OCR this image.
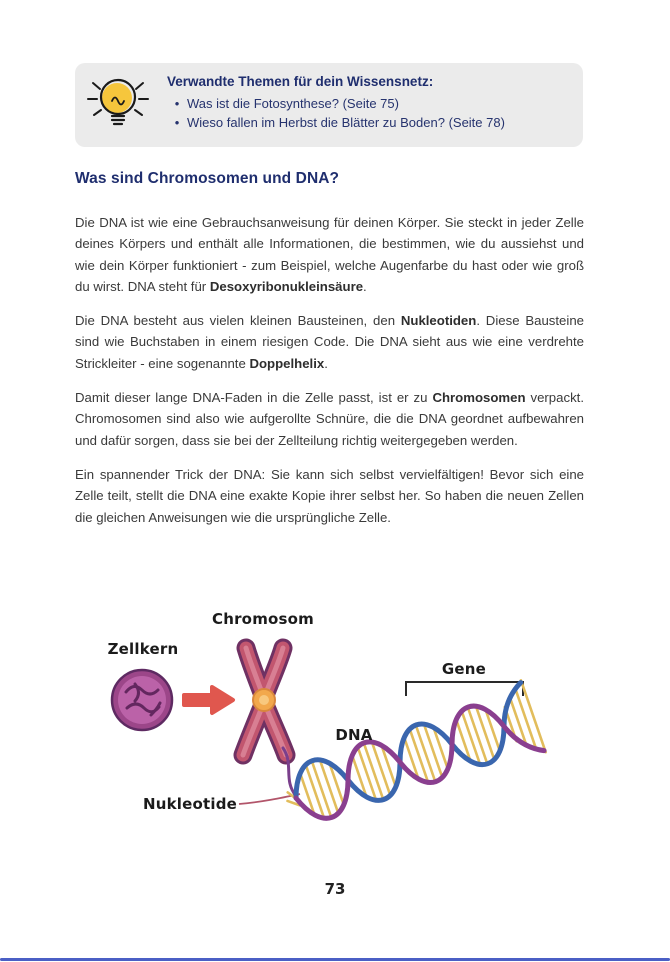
Verwandte Themen für dein Wissensnetz:
• Was ist die Fotosynthese? (Seite 75)
• Wieso fallen im Herbst die Blätter zu Boden? (Seite 78)
Was sind Chromosomen und DNA?

Die DNA ist wie eine Gebrauchsanweisung für deinen Körper. Sie steckt in jeder Zelle deines Körpers und enthält alle Informationen, die bestimmen, wie du aussiehst und wie dein Körper funktioniert - zum Beispiel, welche Augenfarbe du hast oder wie groß du wirst. DNA steht für Desoxyribonukleinsäure.

Die DNA besteht aus vielen kleinen Bausteinen, den Nukleotiden. Diese Bausteine sind wie Buchstaben in einem riesigen Code. Die DNA sieht aus wie eine verdrehte Strickleiter - eine sogenannte Doppelhelix.

Damit dieser lange DNA-Faden in die Zelle passt, ist er zu Chromosomen verpackt. Chromosomen sind also wie aufgerollte Schnüre, die die DNA geordnet aufbewahren und dafür sorgen, dass sie bei der Zellteilung richtig weitergegeben werden.

Ein spannender Trick der DNA: Sie kann sich selbst vervielfältigen! Bevor sich eine Zelle teilt, stellt die DNA eine exakte Kopie ihrer selbst her. So haben die neuen Zellen die gleichen Anweisungen wie die ursprüngliche Zelle.

Chromosom
Zellkern
DNA
Gene
Nukleotide
73
